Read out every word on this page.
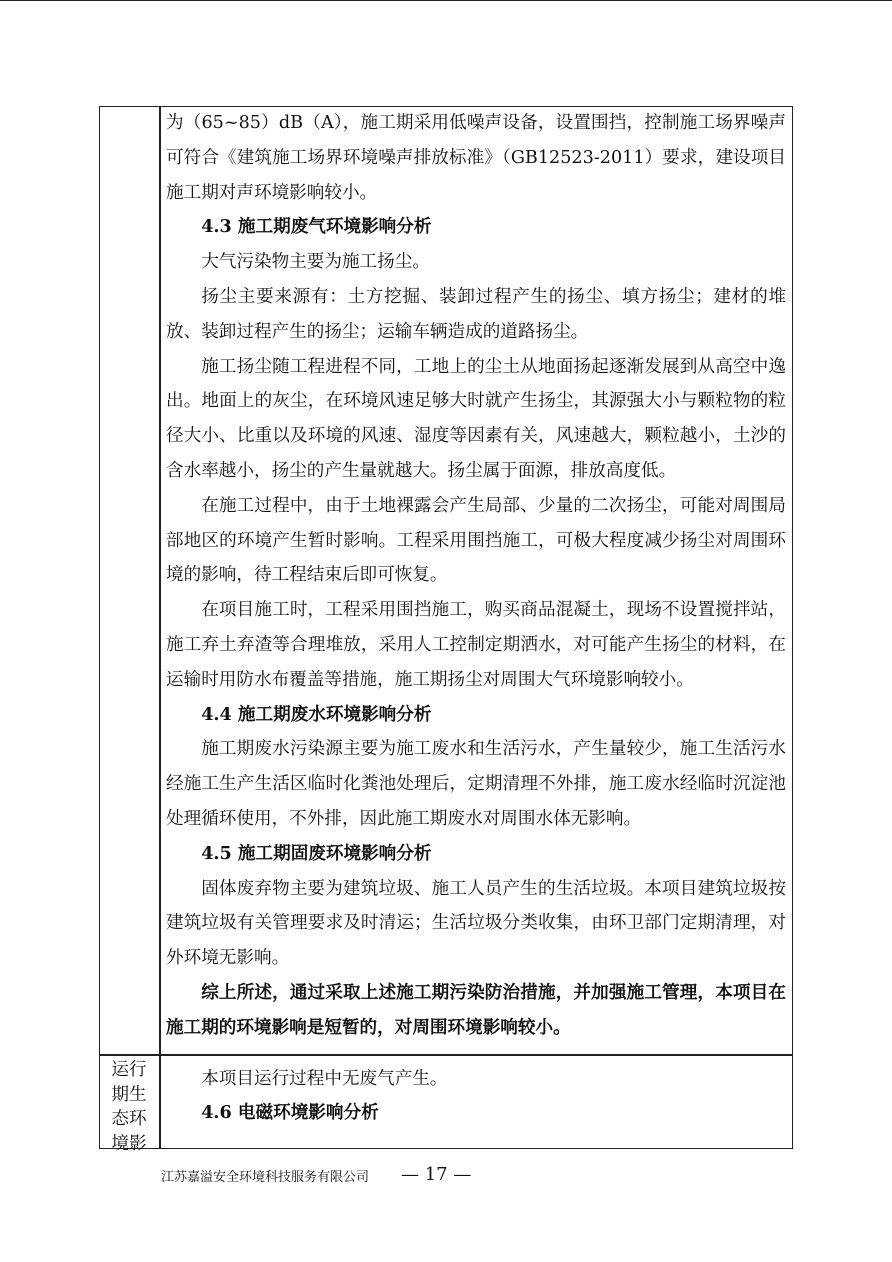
为（65~85）dB（A），施工期采用低噪声设备，设置围挡，控制施工场界噪声可符合《建筑施工场界环境噪声排放标准》（GB12523-2011）要求，建设项目施工期对声环境影响较小。

4.3 施工期废气环境影响分析

大气污染物主要为施工扬尘。

扬尘主要来源有：土方挖掘、装卸过程产生的扬尘、填方扬尘；建材的堆放、装卸过程产生的扬尘；运输车辆造成的道路扬尘。

施工扬尘随工程进程不同，工地上的尘土从地面扬起逐渐发展到从高空中逸出。地面上的灰尘，在环境风速足够大时就产生扬尘，其源强大小与颗粒物的粒径大小、比重以及环境的风速、湿度等因素有关，风速越大，颗粒越小，土沙的含水率越小，扬尘的产生量就越大。扬尘属于面源，排放高度低。

在施工过程中，由于土地裸露会产生局部、少量的二次扬尘，可能对周围局部地区的环境产生暂时影响。工程采用围挡施工，可极大程度减少扬尘对周围环境的影响，待工程结束后即可恢复。

在项目施工时，工程采用围挡施工，购买商品混凝土，现场不设置搅拌站，施工弃土弃渣等合理堆放，采用人工控制定期洒水，对可能产生扬尘的材料，在运输时用防水布覆盖等措施，施工期扬尘对周围大气环境影响较小。

4.4 施工期废水环境影响分析

施工期废水污染源主要为施工废水和生活污水，产生量较少，施工生活污水经施工生产生活区临时化粪池处理后，定期清理不外排，施工废水经临时沉淀池处理循环使用，不外排，因此施工期废水对周围水体无影响。

4.5 施工期固废环境影响分析

固体废弃物主要为建筑垃圾、施工人员产生的生活垃圾。本项目建筑垃圾按建筑垃圾有关管理要求及时清运；生活垃圾分类收集，由环卫部门定期清理，对外环境无影响。

综上所述，通过采取上述施工期污染防治措施，并加强施工管理，本项目在施工期的环境影响是短暂的，对周围环境影响较小。

运行
期生
态环
境影

本项目运行过程中无废气产生。

4.6 电磁环境影响分析

江苏嘉溢安全环境科技服务有限公司 — 17 —
